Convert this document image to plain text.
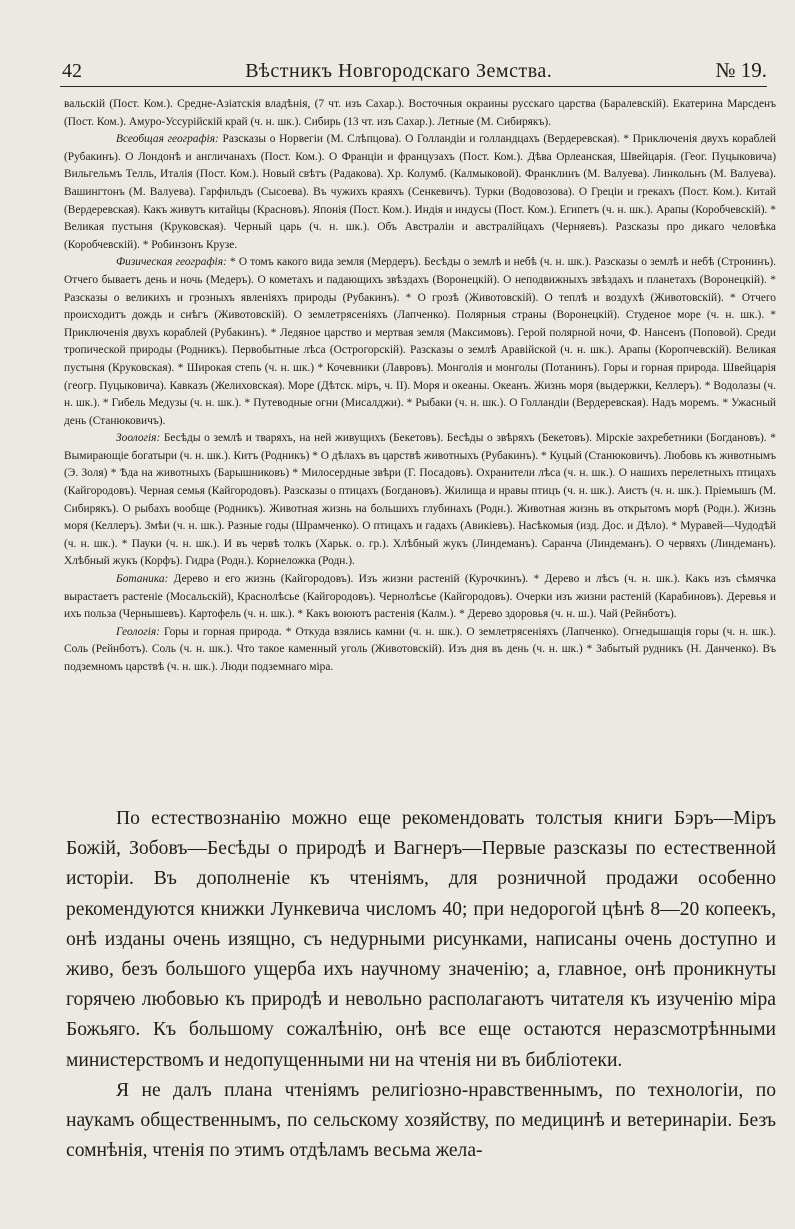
42	Вѣстникъ Новгородскаго Земства.	№ 19.

вальскій (Пост. Ком.). Средне-Азіатскія владѣнія, (7 чт. изъ Сахар.). Восточныя окраины русскаго царства (Баралевскій). Екатерина Марсденъ (Пост. Ком.). Амуро-Уссурійскій край (ч. н. шк.). Сибирь (13 чт. изъ Сахар.). Летные (М. Сибирякъ).

Всеобщая географія: Разсказы о Норвегіи (М. Слѣпцова). О Голландіи и голландцахъ (Вердеревская). * Приключенія двухъ кораблей (Рубакинъ). О Лондонѣ и англичанахъ (Пост. Ком.). О Франціи и французахъ (Пост. Ком.). Дѣва Орлеанская, Швейцарія. (Геог. Пуцыковича) Вильгельмъ Телль, Италія (Пост. Ком.). Новый свѣтъ (Радакова). Хр. Колумб. (Калмыковой). Франклинъ (М. Валуева). Линкольнъ (М. Валуева). Вашингтонъ (М. Валуева). Гарфильдъ (Сысоева). Въ чужихъ краяхъ (Сенкевичъ). Турки (Водовозова). О Греціи и грекахъ (Пост. Ком.). Китай (Вердеревская). Какъ живутъ китайцы (Красновъ). Японія (Пост. Ком.). Индія и индусы (Пост. Ком.). Египетъ (ч. н. шк.). Арапы (Коробчевскій). * Великая пустыня (Круковская). Черный царь (ч. н. шк.). Объ Австраліи и австралійцахъ (Черняевъ). Разсказы про дикаго человѣка (Коробчевскій). * Робинзонъ Крузе.

Физическая географія: * О томъ какого вида земля (Мердеръ). Бесѣды о землѣ и небѣ (ч. н. шк.). Разсказы о землѣ и небѣ (Стронинъ). Отчего бываетъ день и ночь (Медеръ). О кометахъ и падающихъ звѣздахъ (Воронецкій). О неподвижныхъ звѣздахъ и планетахъ (Воронецкій). * Разсказы о великихъ и грозныхъ явленіяхъ природы (Рубакинъ). * О грозѣ (Животовскій). О теплѣ и воздухѣ (Животовскій). * Отчего происходитъ дождь и снѣгъ (Животовскій). О землетрясеніяхъ (Лапченко). Полярныя страны (Воронецкій). Студеное море (ч. н. шк.). * Приключенія двухъ кораблей (Рубакинъ). * Ледяное царство и мертвая земля (Максимовъ). Герой полярной ночи, Ф. Нансенъ (Поповой). Среди тропической природы (Родникъ). Первобытные лѣса (Острогорскій). Разсказы о землѣ Аравійской (ч. н. шк.). Арапы (Коропчевскій). Великая пустыня (Круковская). * Широкая степь (ч. н. шк.) * Кочевники (Лавровъ). Монголія и монголы (Потанинъ). Горы и горная природа. Швейцарія (геогр. Пуцыковича). Кавказъ (Желиховская). Море (Дѣтск. міръ, ч. II). Моря и океаны. Океанъ. Жизнь моря (выдержки, Келлеръ). * Водолазы (ч. н. шк.). * Гибель Медузы (ч. н. шк.). * Путеводные огни (Мисалджи). * Рыбаки (ч. н. шк.). О Голландіи (Вердеревская). Надъ моремъ. * Ужасный день (Станюковичъ).

Зоологія: Бесѣды о землѣ и тваряхъ, на ней живущихъ (Бекетовъ). Бесѣды о звѣряхъ (Бекетовъ). Мірскіе захребетники (Богдановъ). * Вымирающіе богатыри (ч. н. шк.). Китъ (Родникъ) * О дѣлахъ въ царствѣ животныхъ (Рубакинъ). * Куцый (Станюковичъ). Любовь къ животнымъ (Э. Золя) * Ѣда на животныхъ (Барышниковъ) * Милосердные звѣри (Г. Посадовъ). Охранители лѣса (ч. н. шк.). О нашихъ перелетныхъ птицахъ (Кайгородовъ). Черная семья (Кайгородовъ). Разсказы о птицахъ (Богдановъ). Жилища и нравы птицъ (ч. н. шк.). Аистъ (ч. н. шк.). Пріемышъ (М. Сибирякъ). О рыбахъ вообще (Родникъ). Животная жизнь на большихъ глубинахъ (Родн.). Животная жизнь въ открытомъ морѣ (Родн.). Жизнь моря (Келлеръ). Змѣи (ч. н. шк.). Разные годы (Шрамченко). О птицахъ и гадахъ (Авикіевъ). Насѣкомыя (изд. Дос. и Дѣло). * Муравей—Чудодѣй (ч. н. шк.). * Пауки (ч. н. шк.). И въ червѣ толкъ (Харьк. о. гр.). Хлѣбный жукъ (Линдеманъ). Саранча (Линдеманъ). О червяхъ (Линдеманъ). Хлѣбный жукъ (Корфъ). Гидра (Родн.). Корнеложка (Родн.).

Ботаника: Дерево и его жизнь (Кайгородовъ). Изъ жизни растеній (Курочкинъ). * Дерево и лѣсъ (ч. н. шк.). Какъ изъ сѣмячка вырастаетъ растеніе (Мосальскій), Краснолѣсье (Кайгородовъ). Чернолѣсье (Кайгородовъ). Очерки изъ жизни растеній (Карабиновъ). Деревья и ихъ польза (Чернышевъ). Картофель (ч. н. шк.). * Какъ воюютъ растенія (Калм.). * Дерево здоровья (ч. н. ш.). Чай (Рейнботъ).

Геологія: Горы и горная природа. * Откуда взялись камни (ч. н. шк.). О землетрясеніяхъ (Лапченко). Огнедышащія горы (ч. н. шк.). Соль (Рейнботъ). Соль (ч. н. шк.). Что такое каменный уголь (Животовскій). Изъ дня въ день (ч. н. шк.) * Забытый рудникъ (Н. Данченко). Въ подземномъ царствѣ (ч. н. шк.). Люди подземнаго міра.

По естествознанію можно еще рекомендовать толстыя книги Бэръ—Міръ Божій, Зобовъ—Бесѣды о природѣ и Вагнеръ—Первые разсказы по естественной исторіи. Въ дополненіе къ чтеніямъ, для розничной продажи особенно рекомендуются книжки Лункевича числомъ 40; при недорогой цѣнѣ 8—20 копеекъ, онѣ изданы очень изящно, съ недурными рисунками, написаны очень доступно и живо, безъ большого ущерба ихъ научному значенію; а, главное, онѣ проникнуты горячею любовью къ природѣ и невольно располагаютъ читателя къ изученію міра Божьяго. Къ большому сожалѣнію, онѣ все еще остаются неразсмотрѣнными министерствомъ и недопущенными ни на чтенія ни въ библіотеки.

Я не далъ плана чтеніямъ религіозно-нравственнымъ, по технологіи, по наукамъ общественнымъ, по сельскому хозяйству, по медицинѣ и ветеринаріи. Безъ сомнѣнія, чтенія по этимъ отдѣламъ весьма жела-
